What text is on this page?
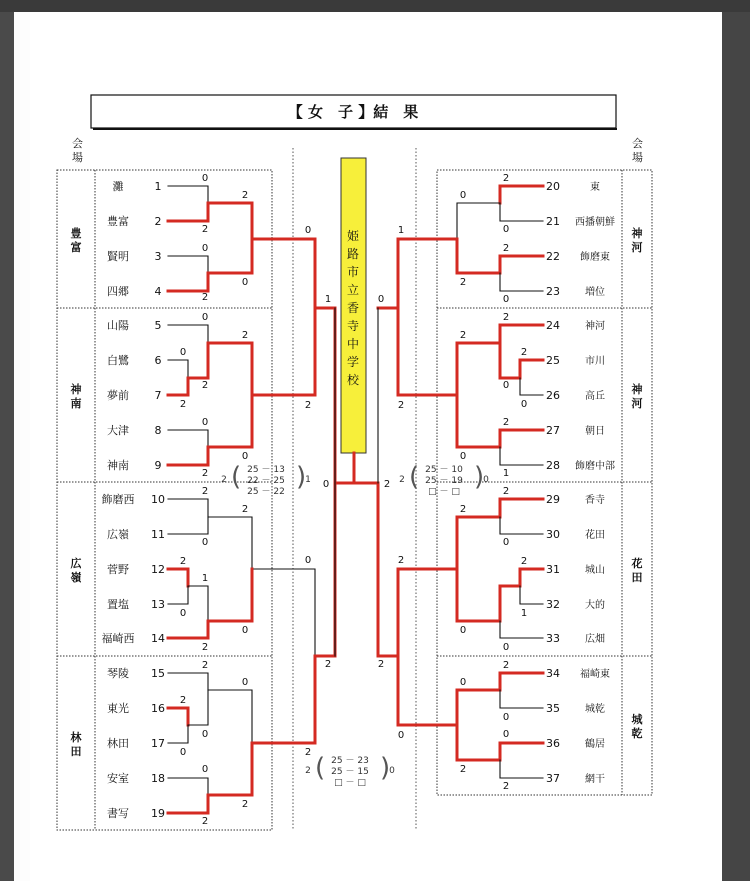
【 女　子 】結　果
会
場
会
場
姫
路
市
立
香
寺
中
学
校
豊
富
神
南
広
嶺
林
田
神
河
神
河
花
田
城
乾
灘	1
豊富 2
賢明 3
四郷 4
山陽 5
白鷺 6
夢前 7
大津 8
神南 9
飾磨西 10
広嶺 11
菅野 12
置塩 13
福崎西 14
琴陵 15
東光 16
林田 17
安室 18
書写 19
20	東
21 西播朝鮮
22 飾磨東
23	増位
24	神河
25	市川
26	高丘
27	朝日
28 飾磨中部
29	香寺
30	花田
31	城山
32	大的
33	広畑
34 福崎東
35	城乾
36	鶴居
37	網干
0
2
2
0
2
0
0
0
0
2
2
2
0
2
0
2
1
2
0
2
2
1
0
2
0
0
2
2
0
0
0
0
2
2
2
2
0	2
2
0
0
2
0
2
1
0
2
2
0
0
2
2
1
0
2
2
0
2
2
1
0
0
2
2
0
0
0
2
2
0
2
2 ( 25 － 13
22 － 25
25 － 22 )
1	2 ( 25 － 10
25 － 19
□ － □ )
0
2 ( 25 － 23
25 － 15
□ － □ )
0
